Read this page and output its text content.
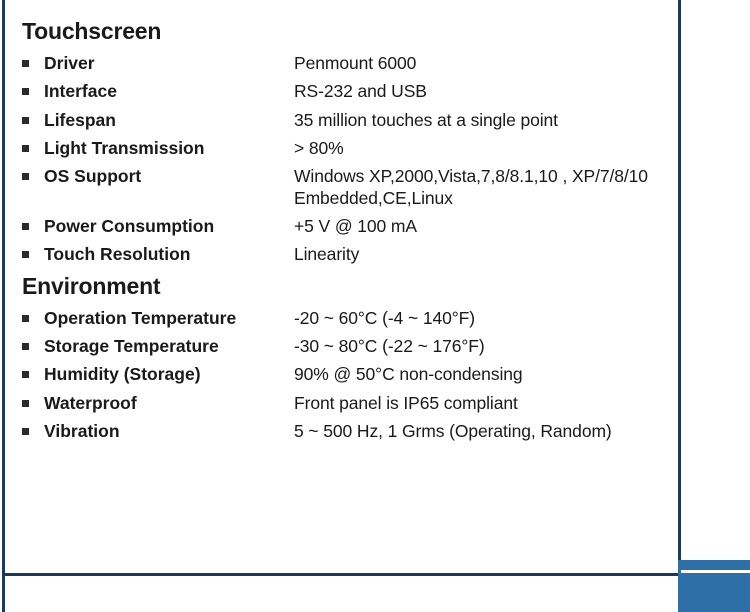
Touchscreen
	Driver	Penmount 6000
	Interface	RS-232 and USB
	Lifespan	35 million touches at a single point
	Light Transmission	> 80%
	OS Support	Windows XP,2000,Vista,7,8/8.1,10 , XP/7/8/10 Embedded,CE,Linux
	Power Consumption	+5 V @ 100 mA
	Touch Resolution	Linearity
Environment
	Operation Temperature	-20 ~ 60°C (-4 ~ 140°F)
	Storage Temperature	-30 ~ 80°C (-22 ~ 176°F)
	Humidity (Storage)	90% @ 50°C non-condensing
	Waterproof	Front panel is IP65 compliant
	Vibration	5 ~ 500 Hz, 1 Grms (Operating, Random)
